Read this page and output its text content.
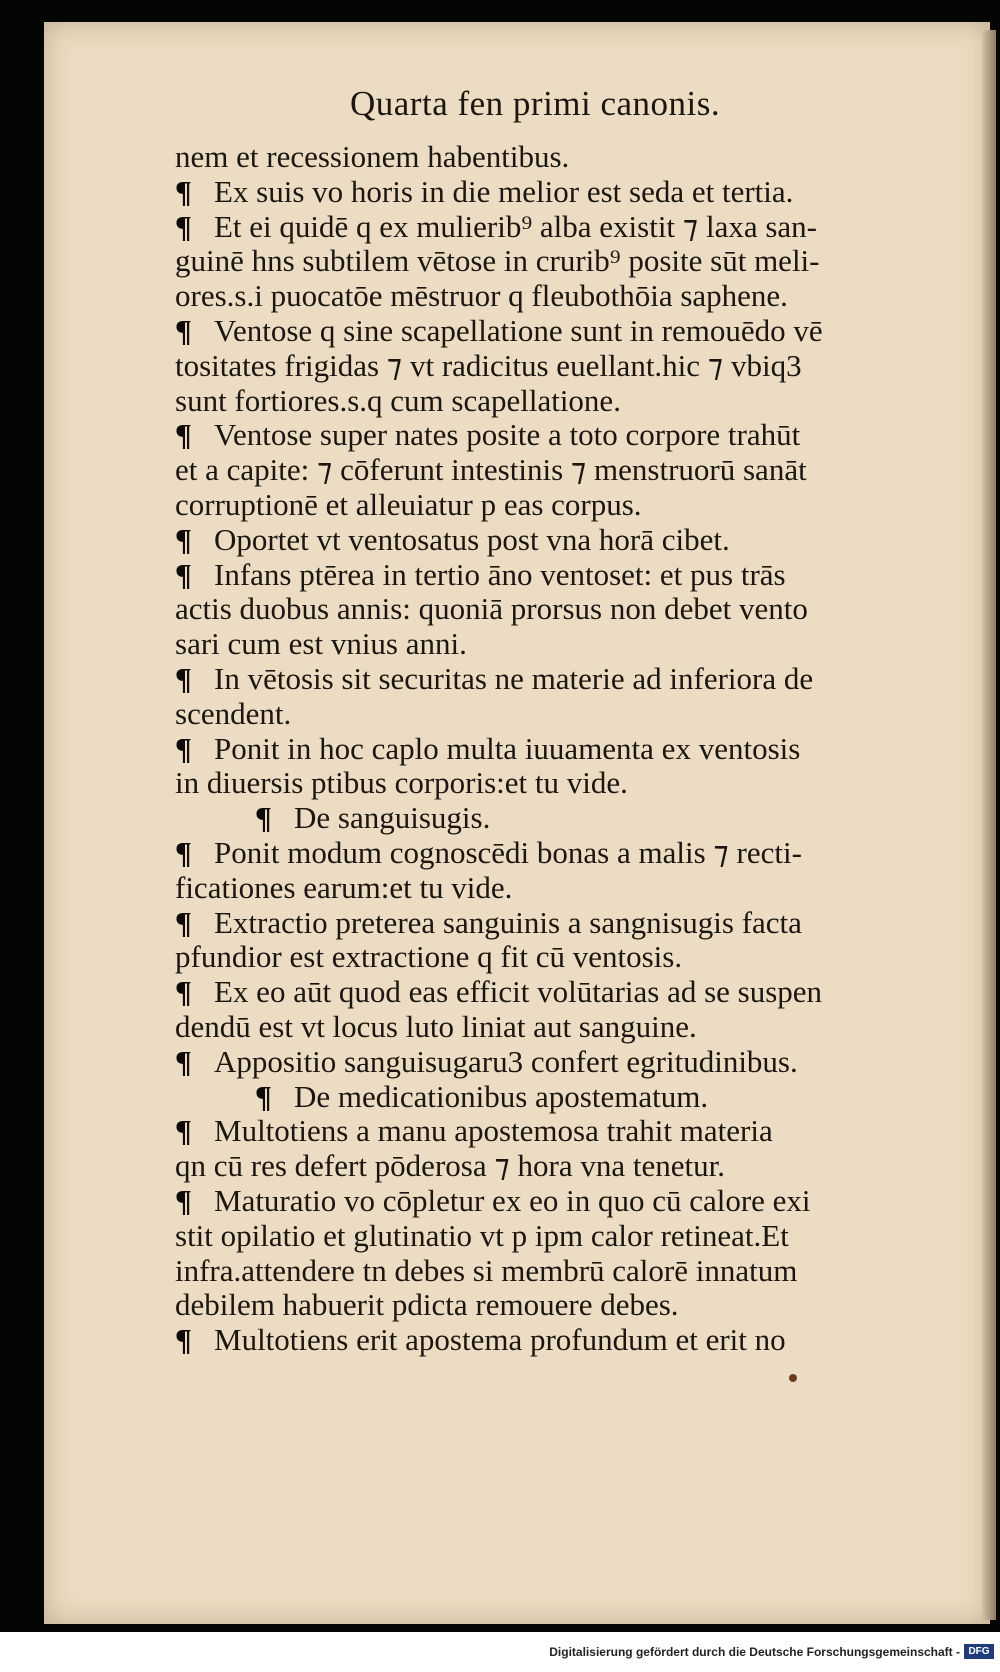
Quarta fen primi canonis.
nem et recessionem habentibus.
¶ Ex suis vo horis in die melior est seda et tertia.
¶ Et ei quidē q ex mulierib⁹ alba existit ⁊ laxa san-
guinē hns subtilem vētose in crurib⁹ posite sūt meli-
ores.s.i puocatōe mēstruor q fleubothōia saphene.
¶ Ventose q sine scapellatione sunt in remouēdo vē
tositates frigidas ⁊ vt radicitus euellant.hic ⁊ vbiq3
sunt fortiores.s.q cum scapellatione.
¶ Ventose super nates posite a toto corpore trahūt
et a capite: ⁊ cōferunt intestinis ⁊ menstruorū sanāt
corruptionē et alleuiatur p eas corpus.
¶ Oportet vt ventosatus post vna horā cibet.
¶ Infans ptērea in tertio āno ventoset: et pus trās
actis duobus annis: quoniā prorsus non debet vento
sari cum est vnius anni.
¶ In vētosis sit securitas ne materie ad inferiora de
scendent.
¶ Ponit in hoc caplo multa iuuamenta ex ventosis
in diuersis ptibus corporis:et tu vide.
¶ De sanguisugis.
¶ Ponit modum cognoscēdi bonas a malis ⁊ recti-
ficationes earum:et tu vide.
¶ Extractio preterea sanguinis a sangnisugis facta
pfundior est extractione q fit cū ventosis.
¶ Ex eo aūt quod eas efficit volūtarias ad se suspen
dendū est vt locus luto liniat aut sanguine.
¶ Appositio sanguisugaru3 confert egritudinibus.
¶ De medicationibus apostematum.
¶ Multotiens a manu apostemosa trahit materia
qn cū res defert pōderosa ⁊ hora vna tenetur.
¶ Maturatio vo cōpletur ex eo in quo cū calore exi
stit opilatio et glutinatio vt p ipm calor retineat.Et
infra.attendere tn debes si membrū calorē innatum
debilem habuerit pdicta remouere debes.
¶ Multotiens erit apostema profundum et erit no
Digitalisierung gefördert durch die Deutsche Forschungsgemeinschaft - DFG
